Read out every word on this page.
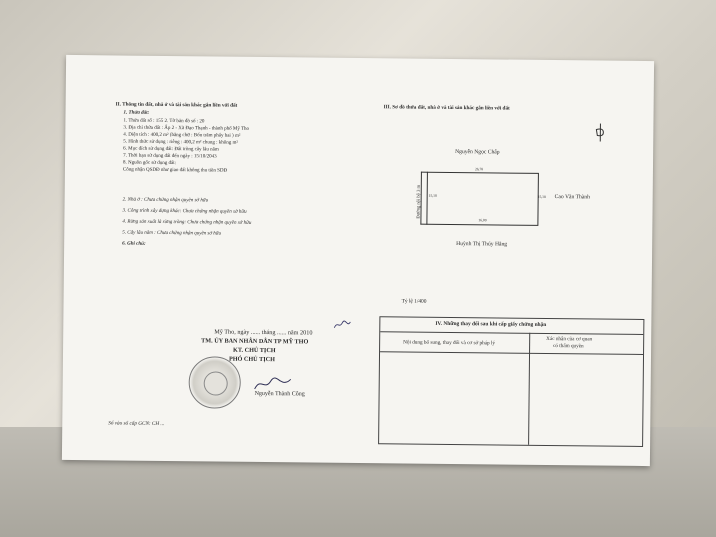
II. Thông tin đất, nhà ở và tài sản khác gắn liền với đất
1. Thửa đất:
1. Thửa đất số : 155 2. Tờ bản đồ số : 20
3. Địa chỉ thửa đất : Ấp 2 - Xã Đạo Thạnh - thành phố Mỹ Tho
4. Diện tích : 400,2 m² (bằng chữ : Bốn trăm phẩy hai ) m²
5. Hình thức sử dụng : riêng : 400,2 m² chung : không m²
6. Mục đích sử dụng đất: Đất trồng cây lâu năm
7. Thời hạn sử dụng đất đến ngày : 15/10/2043
8. Nguồn gốc sử dụng đất:
Công nhận QSDĐ như giao đất không thu tiền SDĐ
2. Nhà ở : Chưa chứng nhận quyền sở hữu
3. Công trình xây dựng khác: Chưa chứng nhận quyền sở hữu
4. Rừng sản xuất là rừng trồng: Chưa chứng nhận quyền sở hữu
5. Cây lâu năm : Chưa chứng nhận quyền sở hữu
6. Ghi chú:
Mỹ Tho, ngày ...... tháng ...... năm 2010
TM. ỦY BAN NHÂN DÂN TP MỸ THO
KT. CHỦ TỊCH
PHÓ CHỦ TỊCH
Nguyễn Thành Công
Số vào sổ cấp GCN: CH ...
III. Sơ đồ thửa đất, nhà ở và tài sản khác gắn liền với đất
Nguyễn Ngọc Chấp
Cao Văn Thành
Huỳnh Thị Thúy Hằng
Đường nội bộ 3 m
26,78
16,00
15,18	15,18
Tỷ lệ 1/400
IV. Những thay đổi sau khi cấp giấy chứng nhận
Nội dung bổ sung, thay đổi và cơ sở pháp lý
Xác nhận của cơ quan
có thẩm quyền
